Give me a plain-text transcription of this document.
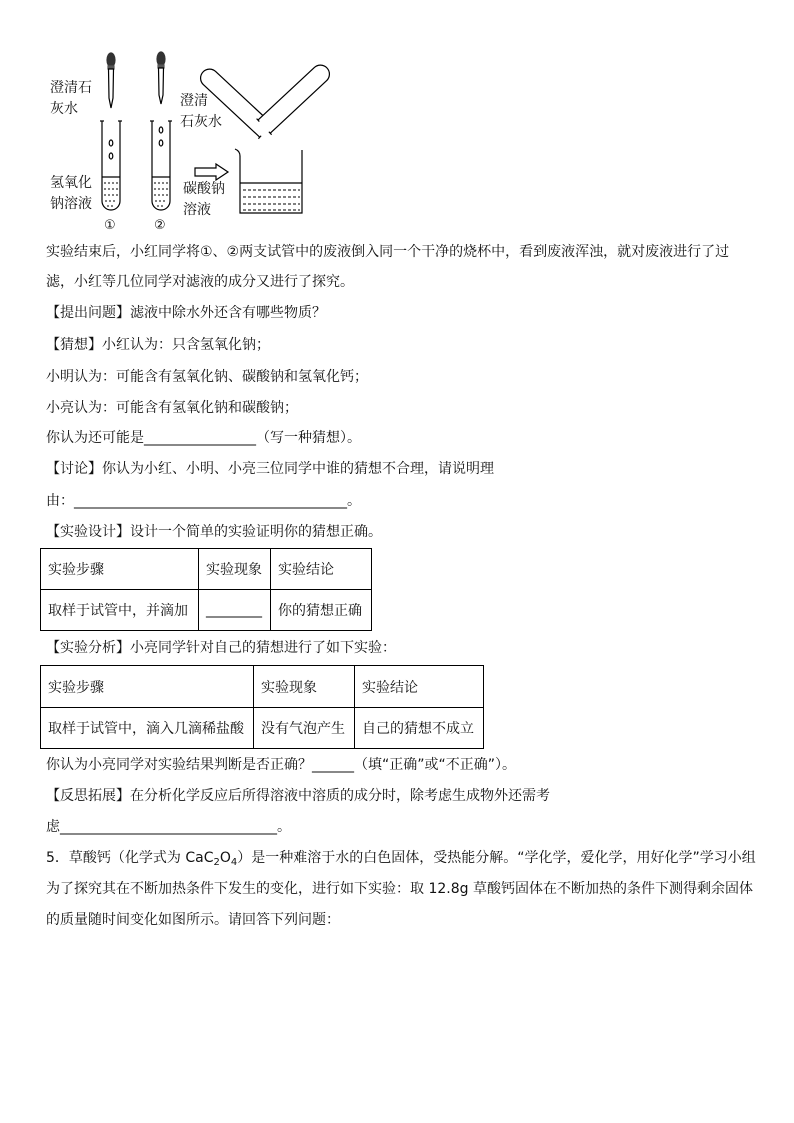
澄清石
灰水
氢氧化
钠溶液
①
澄清
石灰水
碳酸钠
溶液
②
实验结束后，小红同学将①、②两支试管中的废液倒入同一个干净的烧杯中，看到废液浑浊，就对废液进行了过
滤，小红等几位同学对滤液的成分又进行了探究。
【提出问题】滤液中除水外还含有哪些物质？
【猜想】小红认为：只含氢氧化钠；
小明认为：可能含有氢氧化钠、碳酸钠和氢氧化钙；
小亮认为：可能含有氢氧化钠和碳酸钠；
你认为还可能是________________（写一种猜想）。
【讨论】你认为小红、小明、小亮三位同学中谁的猜想不合理，请说明理
由：_______________________________________。
【实验设计】设计一个简单的实验证明你的猜想正确。
实验步骤	实验现象	实验结论
取样于试管中，并滴加	________	你的猜想正确
【实验分析】小亮同学针对自己的猜想进行了如下实验：
实验步骤	实验现象	实验结论
取样于试管中，滴入几滴稀盐酸	没有气泡产生	自己的猜想不成立
你认为小亮同学对实验结果判断是否正确？______（填“正确”或“不正确”）。
【反思拓展】在分析化学反应后所得溶液中溶质的成分时，除考虑生成物外还需考
虑_______________________________。
5．草酸钙（化学式为 $CaC_2O_4$）是一种难溶于水的白色固体，受热能分解。“学化学，爱化学，用好化学”学习小组
为了探究其在不断加热条件下发生的变化，进行如下实验：取 12.8g 草酸钙固体在不断加热的条件下测得剩余固体
的质量随时间变化如图所示。请回答下列问题：
